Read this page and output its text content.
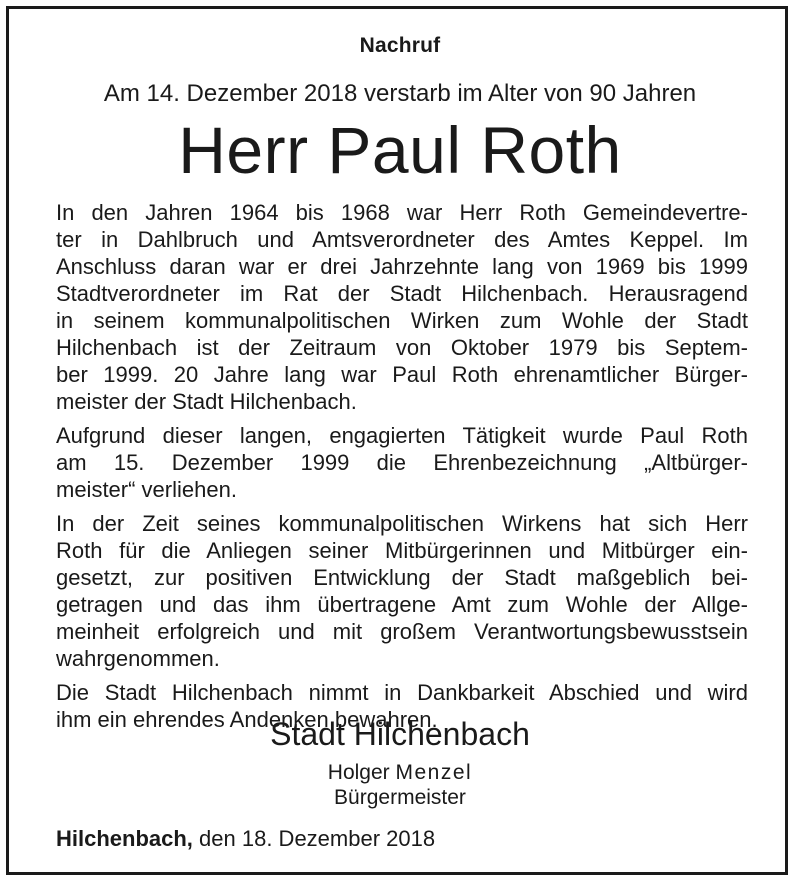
Nachruf
Am 14. Dezember 2018 verstarb im Alter von 90 Jahren
Herr Paul Roth
In den Jahren 1964 bis 1968 war Herr Roth Gemeindevertre-
ter in Dahlbruch und Amtsverordneter des Amtes Keppel. Im
Anschluss daran war er drei Jahrzehnte lang von 1969 bis 1999
Stadtverordneter im Rat der Stadt Hilchenbach. Herausragend
in seinem kommunalpolitischen Wirken zum Wohle der Stadt
Hilchenbach ist der Zeitraum von Oktober 1979 bis Septem-
ber 1999. 20 Jahre lang war Paul Roth ehrenamtlicher Bürger-
meister der Stadt Hilchenbach.
Aufgrund dieser langen, engagierten Tätigkeit wurde Paul Roth
am 15. Dezember 1999 die Ehrenbezeichnung „Altbürger-
meister“ verliehen.
In der Zeit seines kommunalpolitischen Wirkens hat sich Herr
Roth für die Anliegen seiner Mitbürgerinnen und Mitbürger ein-
gesetzt, zur positiven Entwicklung der Stadt maßgeblich bei-
getragen und das ihm übertragene Amt zum Wohle der Allge-
meinheit erfolgreich und mit großem Verantwortungsbewusstsein
wahrgenommen.
Die Stadt Hilchenbach nimmt in Dankbarkeit Abschied und wird
ihm ein ehrendes Andenken bewahren.
Stadt Hilchenbach
Holger Menzel
Bürgermeister
Hilchenbach, den 18. Dezember 2018
